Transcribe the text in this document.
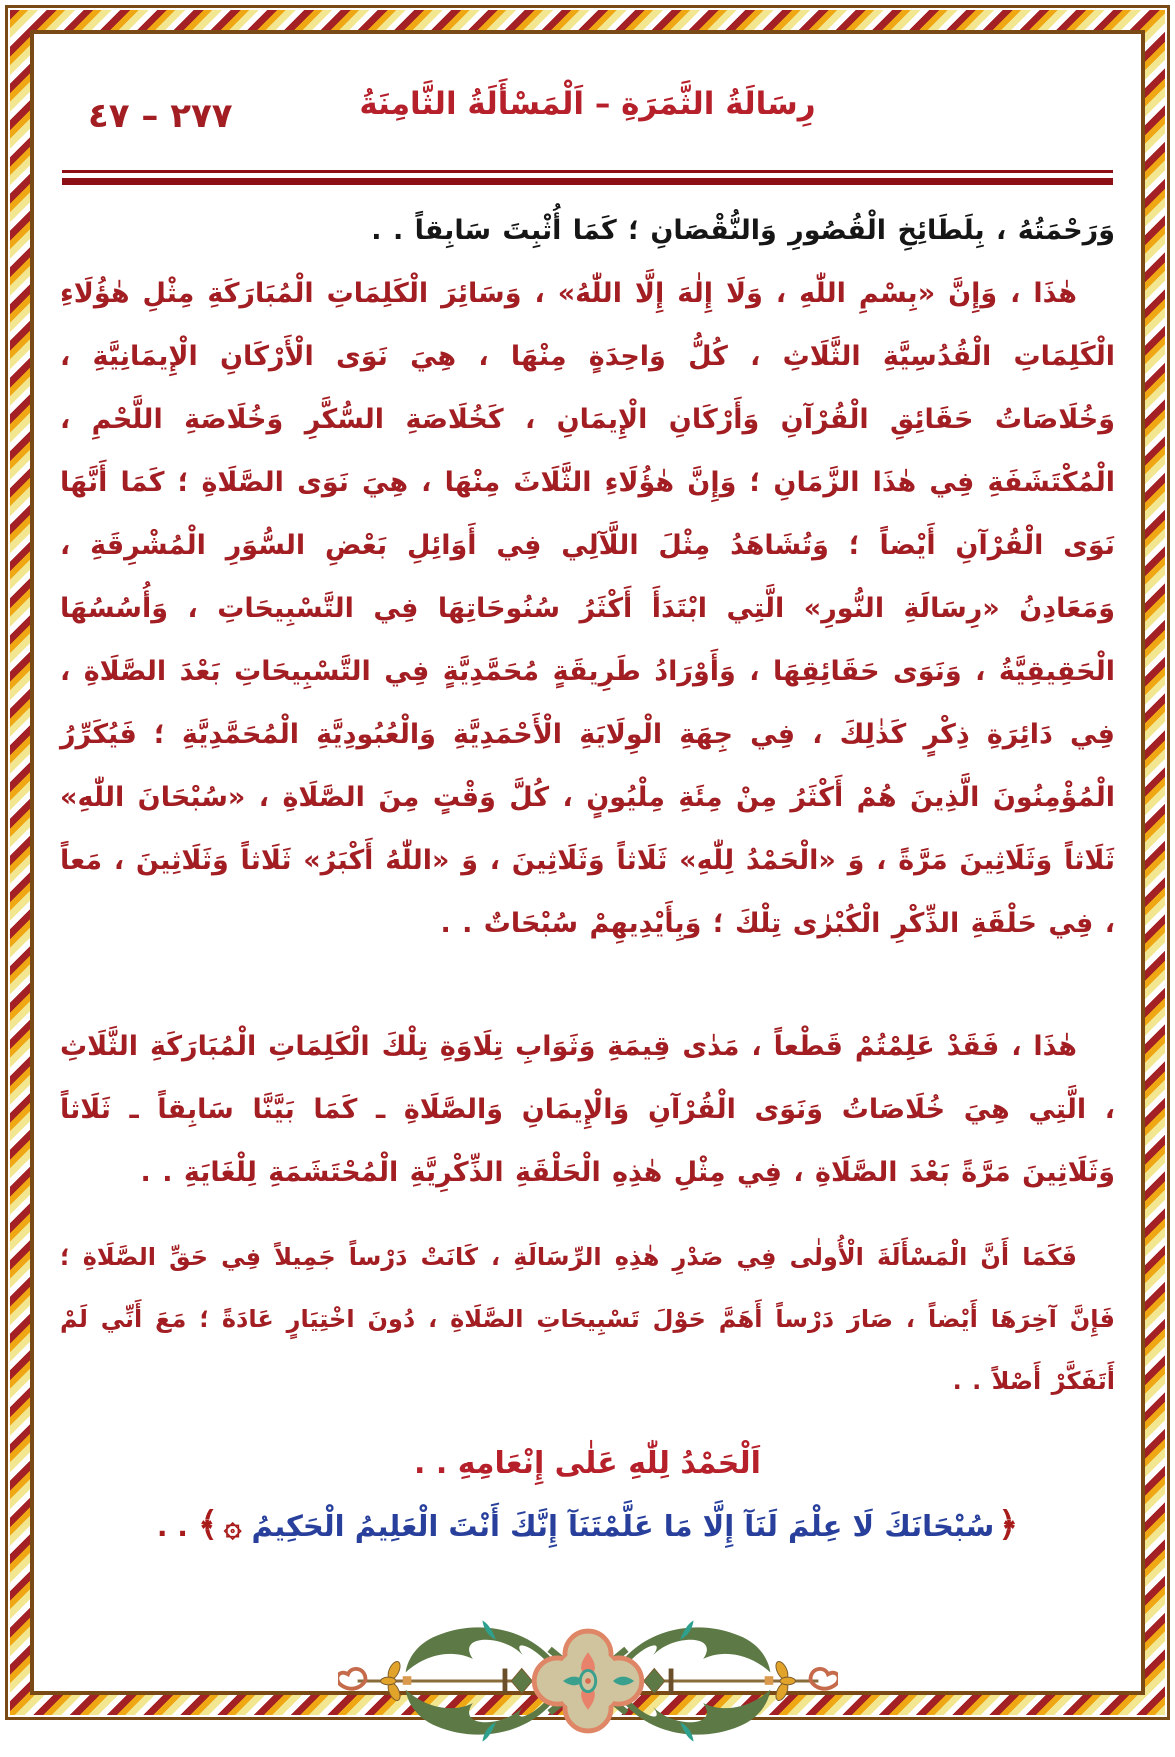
٢٧٧ – ٤٧	رِسَالَةُ الثَّمَرَةِ – اَلْمَسْأَلَةُ الثَّامِنَةُ

وَرَحْمَتُهُ ، بِلَطَائِخِ الْقُصُورِ وَالنُّقْصَانِ ؛ كَمَا أُثْبِتَ سَابِقاً . .

هٰذَا ، وَإِنَّ «بِسْمِ اللّٰهِ ، وَلَا إِلٰهَ إِلَّا اللّٰهُ» ، وَسَائِرَ الْكَلِمَاتِ الْمُبَارَكَةِ مِثْلِ هٰؤُلَاءِ الْكَلِمَاتِ الْقُدُسِيَّةِ الثَّلَاثِ ، كُلُّ وَاحِدَةٍ مِنْهَا ، هِيَ نَوَى الْأَرْكَانِ الْإِيمَانِيَّةِ ، وَخُلَاصَاتُ حَقَائِقِ الْقُرْآنِ وَأَرْكَانِ الْإِيمَانِ ، كَخُلَاصَةِ السُّكَّرِ وَخُلَاصَةِ اللَّحْمِ ، الْمُكْتَشَفَةِ فِي هٰذَا الزَّمَانِ ؛ وَإِنَّ هٰؤُلَاءِ الثَّلَاثَ مِنْهَا ، هِيَ نَوَى الصَّلَاةِ ؛ كَمَا أَنَّهَا نَوَى الْقُرْآنِ أَيْضاً ؛ وَتُشَاهَدُ مِثْلَ اللَّآلِي فِي أَوَائِلِ بَعْضِ السُّوَرِ الْمُشْرِقَةِ ، وَمَعَادِنُ «رِسَالَةِ النُّورِ» الَّتِي ابْتَدَأَ أَكْثَرُ سُنُوحَاتِهَا فِي التَّسْبِيحَاتِ ، وَأُسُسُهَا الْحَقِيقِيَّةُ ، وَنَوَى حَقَائِقِهَا ، وَأَوْرَادُ طَرِيقَةٍ مُحَمَّدِيَّةٍ فِي التَّسْبِيحَاتِ بَعْدَ الصَّلَاةِ ، فِي دَائِرَةِ ذِكْرٍ كَذٰلِكَ ، فِي جِهَةِ الْوِلَايَةِ الْأَحْمَدِيَّةِ وَالْعُبُودِيَّةِ الْمُحَمَّدِيَّةِ ؛ فَيُكَرِّرُ الْمُؤْمِنُونَ الَّذِينَ هُمْ أَكْثَرُ مِنْ مِئَةِ مِلْيُونٍ ، كُلَّ وَقْتٍ مِنَ الصَّلَاةِ ، «سُبْحَانَ اللّٰهِ» ثَلَاثاً وَثَلَاثِينَ مَرَّةً ، وَ «الْحَمْدُ لِلّٰهِ» ثَلَاثاً وَثَلَاثِينَ ، وَ «اللّٰهُ أَكْبَرُ» ثَلَاثاً وَثَلَاثِينَ ، مَعاً ، فِي حَلْقَةِ الذِّكْرِ الْكُبْرٰى تِلْكَ ؛ وَبِأَيْدِيهِمْ سُبْحَاتٌ . .

هٰذَا ، فَقَدْ عَلِمْتُمْ قَطْعاً ، مَدٰى قِيمَةِ وَثَوَابِ تِلَاوَةِ تِلْكَ الْكَلِمَاتِ الْمُبَارَكَةِ الثَّلَاثِ ، الَّتِي هِيَ خُلَاصَاتُ وَنَوَى الْقُرْآنِ وَالْإِيمَانِ وَالصَّلَاةِ ـ كَمَا بَيَّنَّا سَابِقاً ـ ثَلَاثاً وَثَلَاثِينَ مَرَّةً بَعْدَ الصَّلَاةِ ، فِي مِثْلِ هٰذِهِ الْحَلْقَةِ الذِّكْرِيَّةِ الْمُحْتَشَمَةِ لِلْغَايَةِ . .

فَكَمَا أَنَّ الْمَسْأَلَةَ الْأُولٰى فِي صَدْرِ هٰذِهِ الرِّسَالَةِ ، كَانَتْ دَرْساً جَمِيلاً فِي حَقِّ الصَّلَاةِ ؛ فَإِنَّ آخِرَهَا أَيْضاً ، صَارَ دَرْساً أَهَمَّ حَوْلَ تَسْبِيحَاتِ الصَّلَاةِ ، دُونَ اخْتِيَارٍ عَادَةً ؛ مَعَ أَنِّي لَمْ أَتَفَكَّرْ أَصْلاً . .

اَلْحَمْدُ لِلّٰهِ عَلٰى إِنْعَامِهِ . .
﴿سُبْحَانَكَ لَا عِلْمَ لَنَآ إِلَّا مَا عَلَّمْتَنَآ إِنَّكَ أَنْتَ الْعَلِيمُ الْحَكِيمُ۞﴾ . .
